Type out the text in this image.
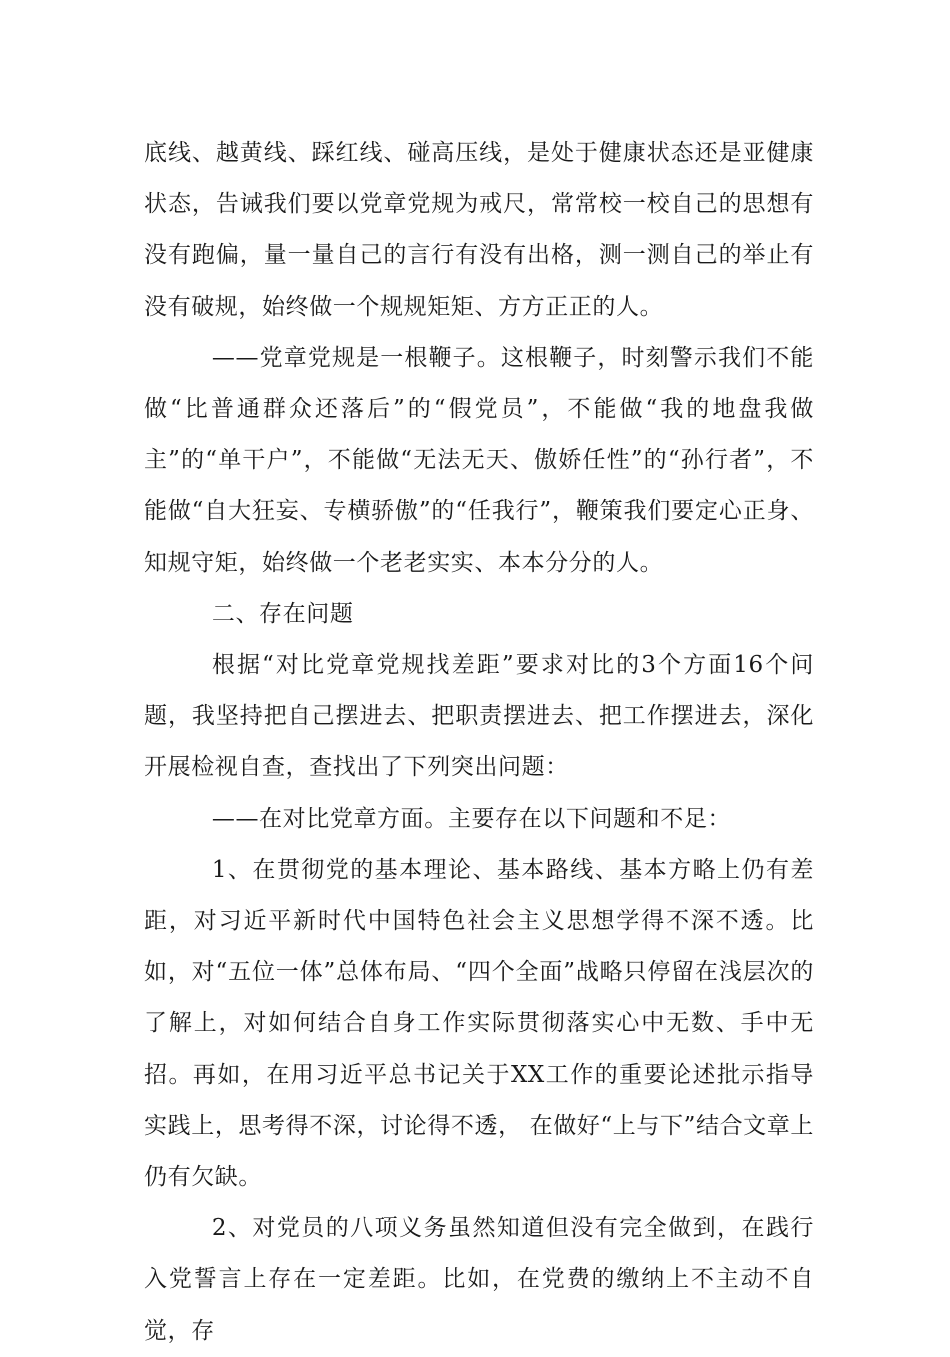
底线、越黄线、踩红线、碰高压线，是处于健康状态还是亚健康状态，告诫我们要以党章党规为戒尺，常常校一校自己的思想有没有跑偏，量一量自己的言行有没有出格，测一测自己的举止有没有破规，始终做一个规规矩矩、方方正正的人。

——党章党规是一根鞭子。这根鞭子，时刻警示我们不能做“比普通群众还落后”的“假党员”，不能做“我的地盘我做主”的“单干户”，不能做“无法无天、傲娇任性”的“孙行者”，不能做“自大狂妄、专横骄傲”的“任我行”，鞭策我们要定心正身、知规守矩，始终做一个老老实实、本本分分的人。

二、存在问题

根据“对比党章党规找差距”要求对比的3个方面16个问题，我坚持把自己摆进去、把职责摆进去、把工作摆进去，深化开展检视自查，查找出了下列突出问题：

——在对比党章方面。主要存在以下问题和不足：

1、在贯彻党的基本理论、基本路线、基本方略上仍有差距，对习近平新时代中国特色社会主义思想学得不深不透。比如，对“五位一体”总体布局、“四个全面”战略只停留在浅层次的了解上，对如何结合自身工作实际贯彻落实心中无数、手中无招。再如，在用习近平总书记关于XX工作的重要论述批示指导实践上，思考得不深，讨论得不透， 在做好“上与下”结合文章上仍有欠缺。

2、对党员的八项义务虽然知道但没有完全做到，在践行入党誓言上存在一定差距。比如，在党费的缴纳上不主动不自觉，存
